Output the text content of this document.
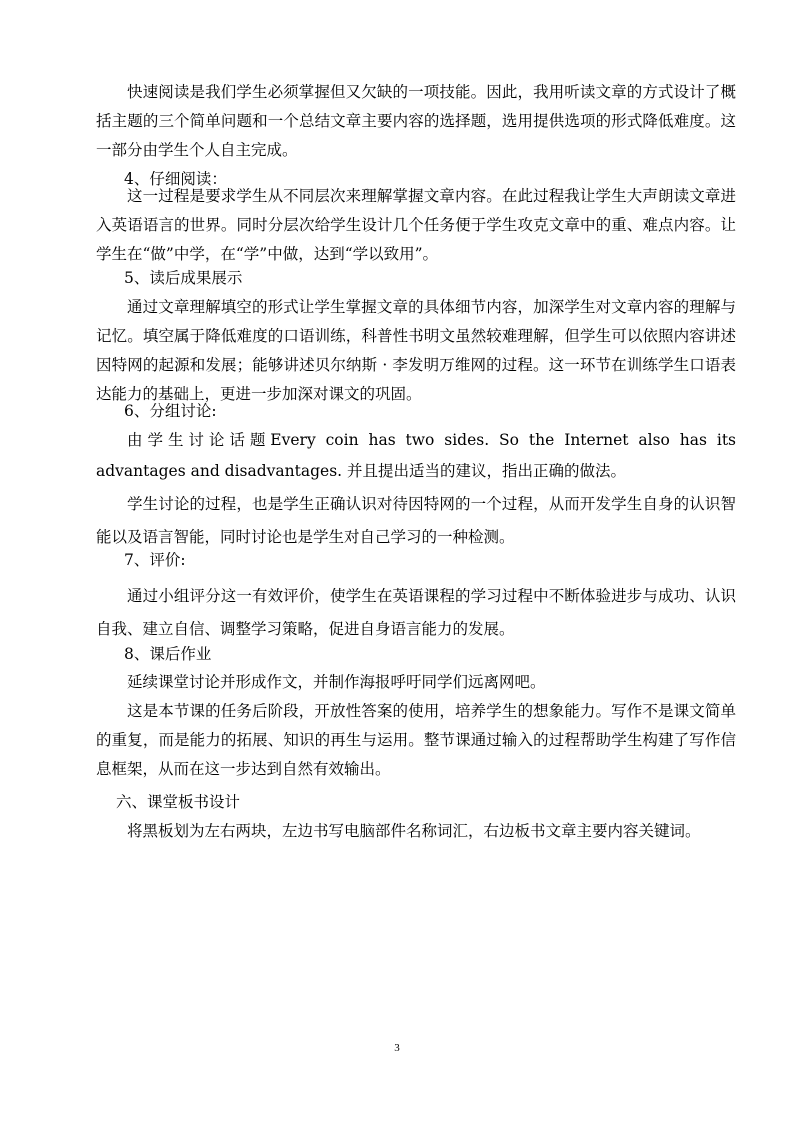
快速阅读是我们学生必须掌握但又欠缺的一项技能。因此，我用听读文章的方式设计了概括主题的三个简单问题和一个总结文章主要内容的选择题，选用提供选项的形式降低难度。这一部分由学生个人自主完成。

4、仔细阅读：

这一过程是要求学生从不同层次来理解掌握文章内容。在此过程我让学生大声朗读文章进入英语语言的世界。同时分层次给学生设计几个任务便于学生攻克文章中的重、难点内容。让学生在“做”中学，在“学”中做，达到“学以致用”。

5、读后成果展示

通过文章理解填空的形式让学生掌握文章的具体细节内容，加深学生对文章内容的理解与记忆。填空属于降低难度的口语训练，科普性书明文虽然较难理解，但学生可以依照内容讲述因特网的起源和发展；能够讲述贝尔纳斯 · 李发明万维网的过程。这一环节在训练学生口语表达能力的基础上，更进一步加深对课文的巩固。

6、分组讨论:

由学生讨论话题Every coin has two sides. So the Internet also has its advantages and disadvantages. 并且提出适当的建议，指出正确的做法。

学生讨论的过程，也是学生正确认识对待因特网的一个过程，从而开发学生自身的认识智能以及语言智能，同时讨论也是学生对自己学习的一种检测。

7、评价:

通过小组评分这一有效评价，使学生在英语课程的学习过程中不断体验进步与成功、认识自我、建立自信、调整学习策略，促进自身语言能力的发展。

8、课后作业

延续课堂讨论并形成作文，并制作海报呼吁同学们远离网吧。

这是本节课的任务后阶段，开放性答案的使用，培养学生的想象能力。写作不是课文简单的重复，而是能力的拓展、知识的再生与运用。整节课通过输入的过程帮助学生构建了写作信息框架，从而在这一步达到自然有效输出。

六、课堂板书设计

将黑板划为左右两块，左边书写电脑部件名称词汇，右边板书文章主要内容关键词。

3
